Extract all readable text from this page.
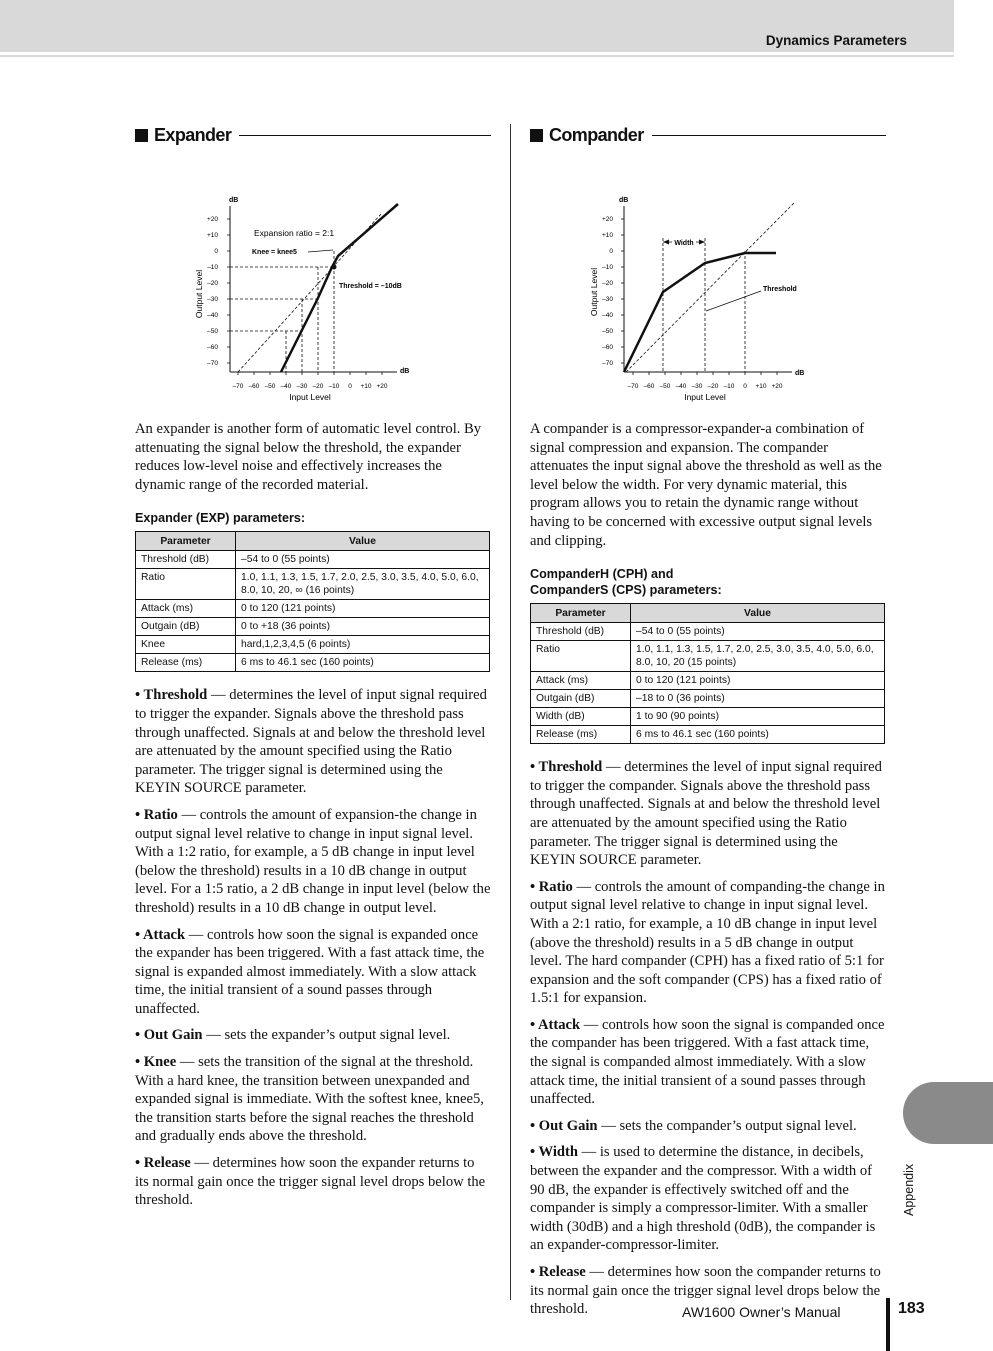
Dynamics Parameters
Expander
dB
+20
+10
0
–10
–20
–30
–40
–50
–60
–70
–70 –60 –50 –40 –30 –20 –10 0 +10 +20
dB
Input Level
Output Level
Expansion ratio = 2:1
Knee = knee5
Threshold = –10dB

An expander is another form of automatic level control. By attenuating the signal below the threshold, the expander reduces low-level noise and effectively increases the dynamic range of the recorded material.

Expander (EXP) parameters:

Parameter	Value
Threshold (dB)	–54 to 0 (55 points)
Ratio	1.0, 1.1, 1.3, 1.5, 1.7, 2.0, 2.5, 3.0, 3.5, 4.0, 5.0, 6.0, 8.0, 10, 20, ∞ (16 points)
Attack (ms)	0 to 120 (121 points)
Outgain (dB)	0 to +18 (36 points)
Knee	hard,1,2,3,4,5 (6 points)
Release (ms)	6 ms to 46.1 sec (160 points)

• Threshold — determines the level of input signal required to trigger the expander. Signals above the threshold pass through unaffected. Signals at and below the threshold level are attenuated by the amount specified using the Ratio parameter. The trigger signal is determined using the KEYIN SOURCE parameter.

• Ratio — controls the amount of expansion-the change in output signal level relative to change in input signal level. With a 1:2 ratio, for example, a 5 dB change in input level (below the threshold) results in a 10 dB change in output level. For a 1:5 ratio, a 2 dB change in input level (below the threshold) results in a 10 dB change in output level.

• Attack — controls how soon the signal is expanded once the expander has been triggered. With a fast attack time, the signal is expanded almost immediately. With a slow attack time, the initial transient of a sound passes through unaffected.

• Out Gain — sets the expander’s output signal level.

• Knee — sets the transition of the signal at the threshold. With a hard knee, the transition between unexpanded and expanded signal is immediate. With the softest knee, knee5, the transition starts before the signal reaches the threshold and gradually ends above the threshold.

• Release — determines how soon the expander returns to its normal gain once the trigger signal level drops below the threshold.

Compander
dB
+20
+10
0
–10
–20
–30
–40
–50
–60
–70
–70 –60 –50 –40 –30 –20 –10 0 +10 +20
dB
Input Level
Output Level
Width
Threshold

A compander is a compressor-expander-a combination of signal compression and expansion. The compander attenuates the input signal above the threshold as well as the level below the width. For very dynamic material, this program allows you to retain the dynamic range without having to be concerned with excessive output signal levels and clipping.

CompanderH (CPH) and

CompanderS (CPS) parameters:

Parameter	Value
Threshold (dB)	–54 to 0 (55 points)
Ratio	1.0, 1.1, 1.3, 1.5, 1.7, 2.0, 2.5, 3.0, 3.5, 4.0, 5.0, 6.0, 8.0, 10, 20 (15 points)
Attack (ms)	0 to 120 (121 points)
Outgain (dB)	–18 to 0 (36 points)
Width (dB)	1 to 90 (90 points)
Release (ms)	6 ms to 46.1 sec (160 points)

• Threshold — determines the level of input signal required to trigger the compander. Signals above the threshold pass through unaffected. Signals at and below the threshold level are attenuated by the amount specified using the Ratio parameter. The trigger signal is determined using the KEYIN SOURCE parameter.

• Ratio — controls the amount of companding-the change in output signal level relative to change in input signal level. With a 2:1 ratio, for example, a 10 dB change in input level (above the threshold) results in a 5 dB change in output level. The hard compander (CPH) has a fixed ratio of 5:1 for expansion and the soft compander (CPS) has a fixed ratio of 1.5:1 for expansion.

• Attack — controls how soon the signal is companded once the compander has been triggered. With a fast attack time, the signal is companded almost immediately. With a slow attack time, the initial transient of a sound passes through unaffected.

• Out Gain — sets the compander’s output signal level.

• Width — is used to determine the distance, in decibels, between the expander and the compressor. With a width of 90 dB, the expander is effectively switched off and the compander is simply a compressor-limiter. With a smaller width (30dB) and a high threshold (0dB), the compander is an expander-compressor-limiter.

• Release — determines how soon the compander returns to its normal gain once the trigger signal level drops below the threshold.

Appendix
AW1600 Owner’s Manual	183
